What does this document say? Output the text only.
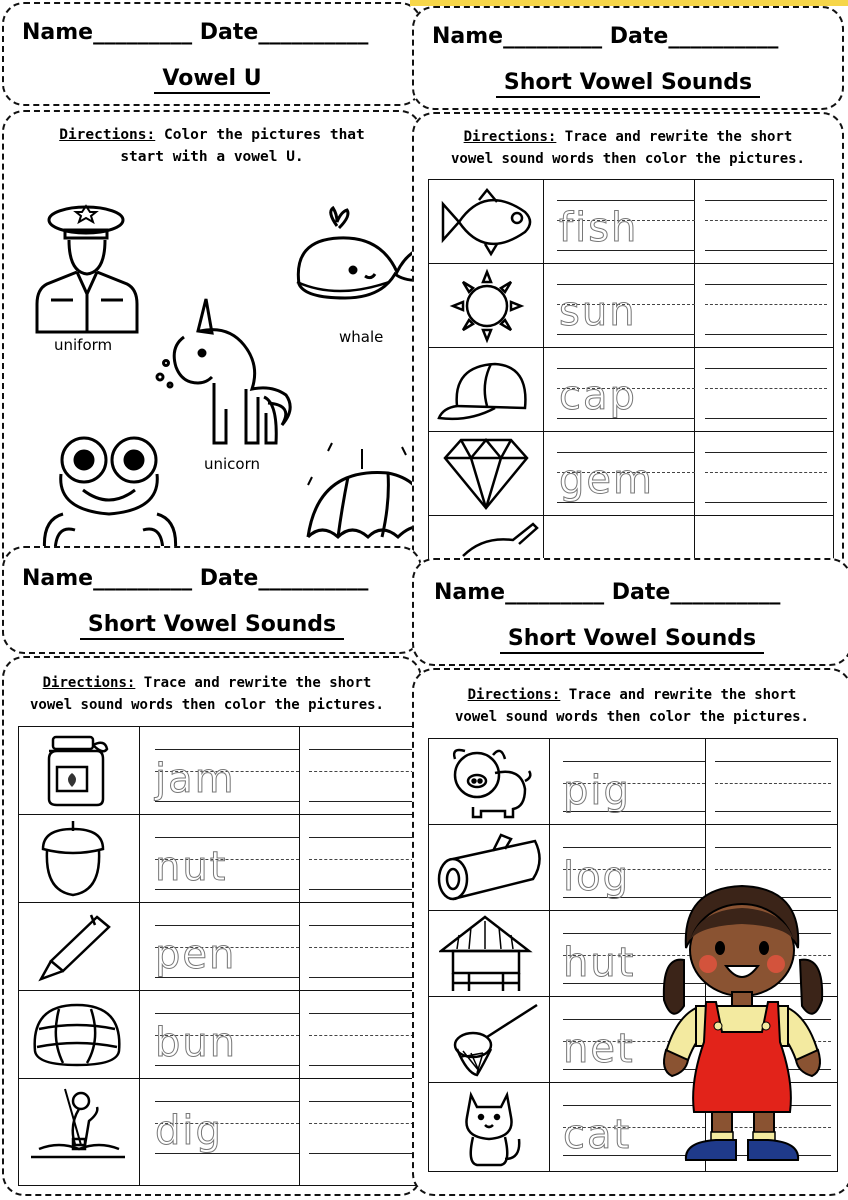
Name_________ Date__________
Vowel U
Directions: Color the pictures that
start with a vowel U.
uniform	whale
unicorn
Name_________ Date__________
Short Vowel Sounds
Directions: Trace and rewrite the short
vowel sound words then color the pictures.
fish
sun
cap
gem
Name_________ Date__________
Short Vowel Sounds
Directions: Trace and rewrite the short
vowel sound words then color the pictures.
jam
nut
pen
bun
dig
Name_________ Date__________
Short Vowel Sounds
Directions: Trace and rewrite the short
vowel sound words then color the pictures.
pig
log
hut
net
cat
